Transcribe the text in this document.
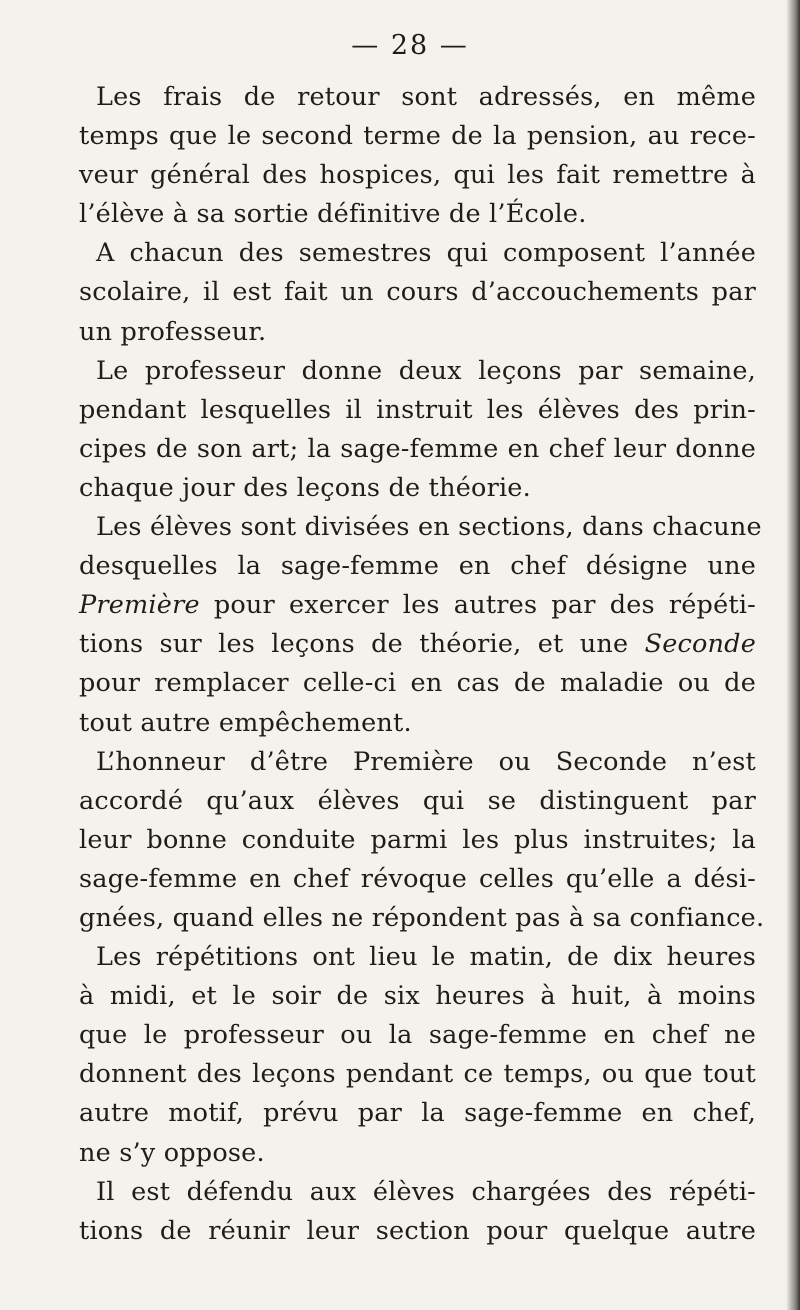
— 28 —
Les frais de retour sont adressés, en même
temps que le second terme de la pension, au rece-
veur général des hospices, qui les fait remettre à
l’élève à sa sortie définitive de l’École.
A chacun des semestres qui composent l’année
scolaire, il est fait un cours d’accouchements par
un professeur.
Le professeur donne deux leçons par semaine,
pendant lesquelles il instruit les élèves des prin-
cipes de son art; la sage-femme en chef leur donne
chaque jour des leçons de théorie.
Les élèves sont divisées en sections, dans chacune
desquelles la sage-femme en chef désigne une
Première pour exercer les autres par des répéti-
tions sur les leçons de théorie, et une Seconde
pour remplacer celle-ci en cas de maladie ou de
tout autre empêchement.
L’honneur d’être Première ou Seconde n’est
accordé qu’aux élèves qui se distinguent par
leur bonne conduite parmi les plus instruites; la
sage-femme en chef révoque celles qu’elle a dési-
gnées, quand elles ne répondent pas à sa confiance.
Les répétitions ont lieu le matin, de dix heures
à midi, et le soir de six heures à huit, à moins
que le professeur ou la sage-femme en chef ne
donnent des leçons pendant ce temps, ou que tout
autre motif, prévu par la sage-femme en chef,
ne s’y oppose.
Il est défendu aux élèves chargées des répéti-
tions de réunir leur section pour quelque autre
